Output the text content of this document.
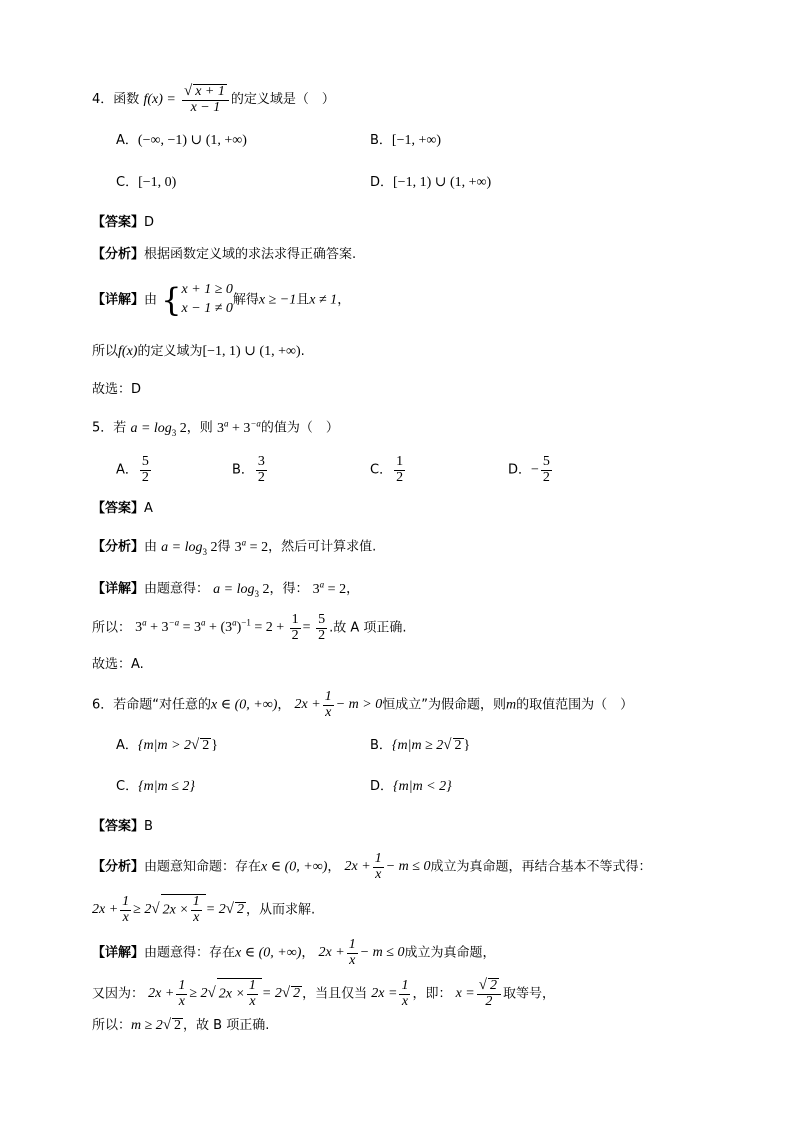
4．函数 $f(x) = \frac{√ x + 1}{x - 1}$ 的定义域是（　）
A．(−∞, −1) ∪ (1, +∞)	B．[−1, +∞)
C．[−1, 0)	D．[−1, 1) ∪ (1, +∞)
【答案】D
【分析】根据函数定义域的求法求得正确答案.
【详解】由 { x + 1 ≥ 0
x − 1 ≠ 0
解得x ≥ −1且x ≠ 1，
所以f(x)的定义域为[−1, 1) ∪ (1, +∞).
故选：D
5．若 $a = \log_3 2$，则 $3^a + 3^{-a}$的值为（　）
A． $\frac{5}{2}$	B． $\frac{3}{2}$	C． $\frac{1}{2}$	D．− $\frac{5}{2}$
【答案】A
【分析】由 $a = \log_3 2$得 $3^a = 2$，然后可计算求值.
【详解】由题意得： $a = \log_3 2$，得： $3^a = 2$，
所以： $3^a + 3^{-a} = 3^a + (3^a)^{-1} = 2 + \frac{1}{2} = \frac{5}{2}$ .故 A 项正确.
故选：A.
6．若命题“对任意的x ∈ (0, +∞)， $2x + \frac{1}{x} - m > 0$恒成立”为假命题，则m的取值范围为（　）
A．{m|m > 2√ 2 }	B．{m|m ≥ 2√ 2 }
C．{m|m ≤ 2}	D．{m|m < 2}
【答案】B
【分析】由题意知命题：存在x ∈ (0, +∞)， $2x + \frac{1}{x} - m \le 0$成立为真命题，再结合基本不等式得：
$2x + \frac{1}{x} \ge 2√$ $2x \times \frac{1}{x} = 2√$ 2 ，从而求解.
【详解】由题意得：存在x ∈ (0, +∞)， $2x + \frac{1}{x} - m \le 0$成立为真命题，
又因为： $2x + \frac{1}{x} \ge 2√$ $2x \times \frac{1}{x} = 2√$ 2 ，当且仅当 $2x = \frac{1}{x}$ ，即： $x = \frac{√ 2}{2}$ 取等号，
所以：m ≥ 2√ 2 ，故 B 项正确.
